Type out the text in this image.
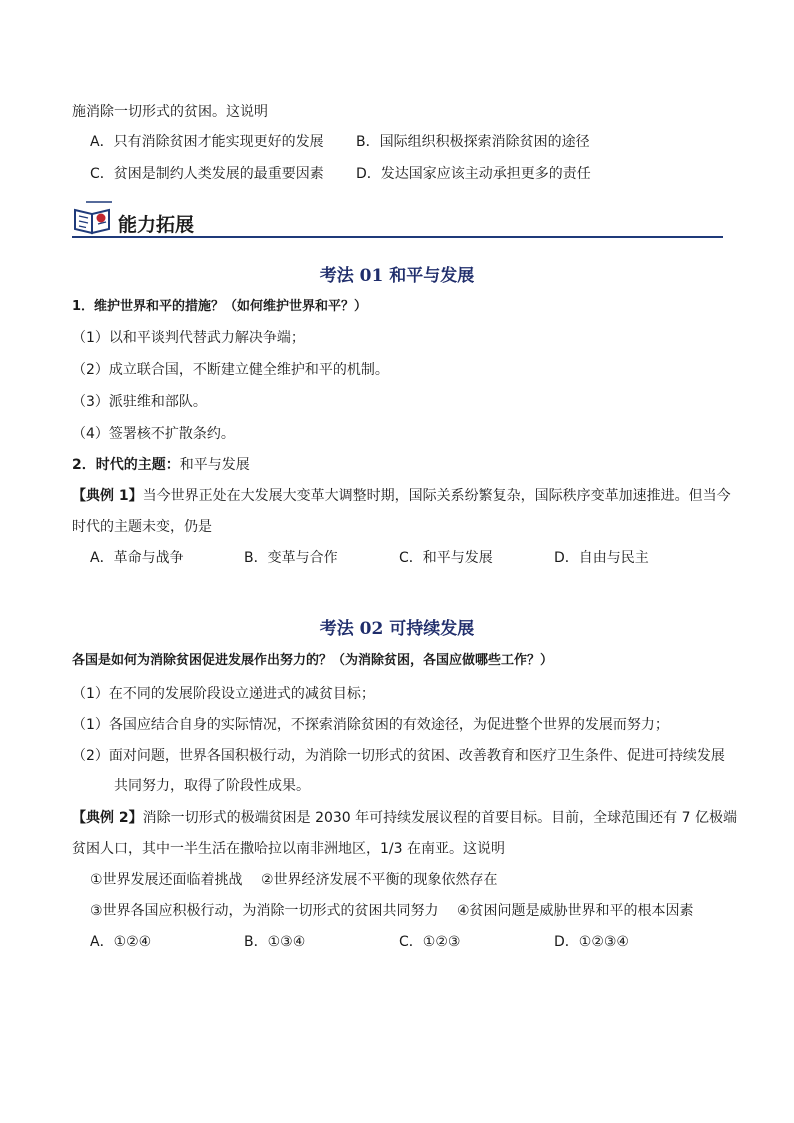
施消除一切形式的贫困。这说明
A．只有消除贫困才能实现更好的发展 B．国际组织积极探索消除贫困的途径
C．贫困是制约人类发展的最重要因素 D．发达国家应该主动承担更多的责任
能力拓展
考法 01 和平与发展
1．维护世界和平的措施？（如何维护世界和平？）
（1）以和平谈判代替武力解决争端；
（2）成立联合国，不断建立健全维护和平的机制。
（3）派驻维和部队。
（4）签署核不扩散条约。
2．时代的主题：和平与发展
【典例 1】当今世界正处在大发展大变革大调整时期，国际关系纷繁复杂，国际秩序变革加速推进。但当今
时代的主题未变，仍是
A．革命与战争	B．变革与合作	C．和平与发展	D．自由与民主
考法 02 可持续发展
各国是如何为消除贫困促进发展作出努力的？（为消除贫困，各国应做哪些工作？）
（1）在不同的发展阶段设立递进式的减贫目标；
（1）各国应结合自身的实际情况，不探索消除贫困的有效途径，为促进整个世界的发展而努力；
（2）面对问题，世界各国积极行动，为消除一切形式的贫困、改善教育和医疗卫生条件、促进可持续发展
共同努力，取得了阶段性成果。
【典例 2】消除一切形式的极端贫困是 2030 年可持续发展议程的首要目标。目前，全球范围还有 7 亿极端
贫困人口，其中一半生活在撒哈拉以南非洲地区，1/3 在南亚。这说明
①世界发展还面临着挑战　 ②世界经济发展不平衡的现象依然存在
③世界各国应积极行动，为消除一切形式的贫困共同努力　 ④贫困问题是威胁世界和平的根本因素
A．①②④	B．①③④	C．①②③	D．①②③④
